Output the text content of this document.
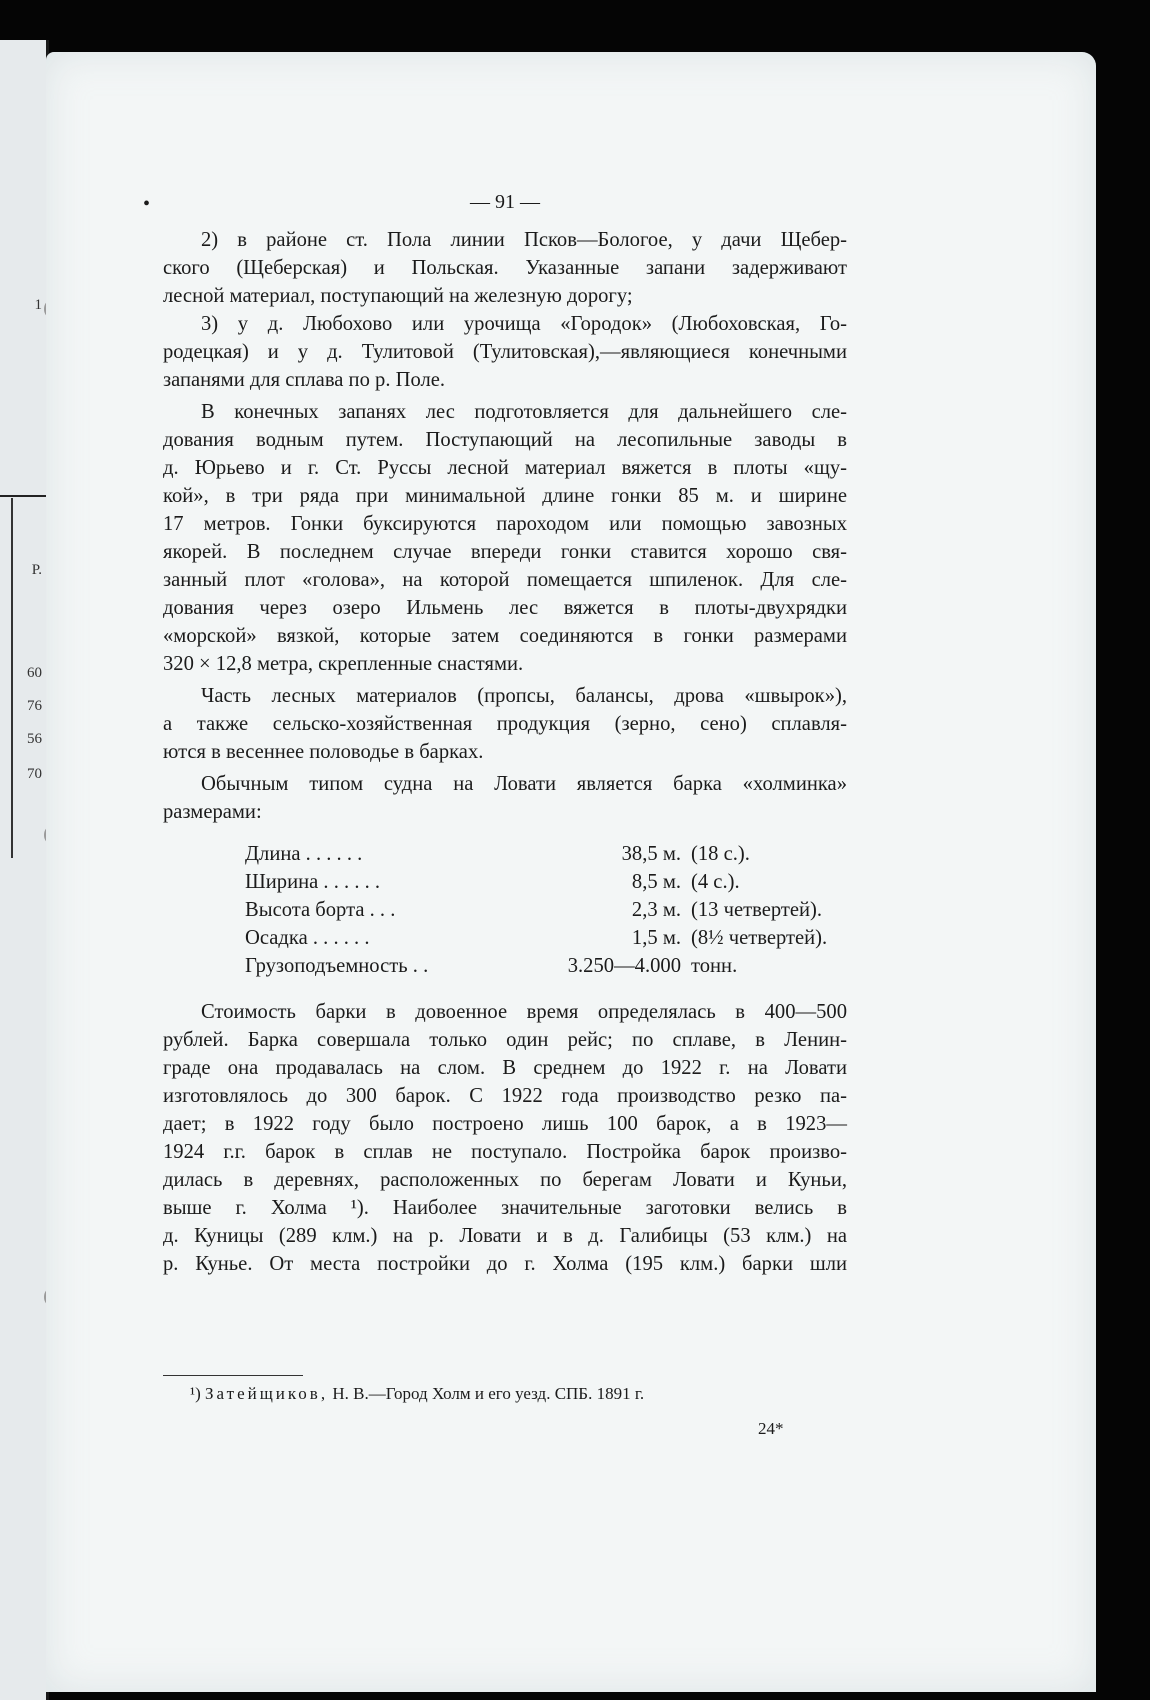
1
Р.
60
76
56
70
•	— 91 —
2) в районе ст. Пола линии Псков—Бологое, у дачи Щебер-
ского (Щеберская) и Польская. Указанные запани задерживают
лесной материал, поступающий на железную дорогу;
3) у д. Любохово или урочища «Городок» (Любоховская, Го-
родецкая) и у д. Тулитовой (Тулитовская),—являющиеся конечными
запанями для сплава по р. Поле.
В конечных запанях лес подготовляется для дальнейшего сле-
дования водным путем. Поступающий на лесопильные заводы в
д. Юрьево и г. Ст. Руссы лесной материал вяжется в плоты «щу-
кой», в три ряда при минимальной длине гонки 85 м. и ширине
17 метров. Гонки буксируются пароходом или помощью завозных
якорей. В последнем случае впереди гонки ставится хорошо свя-
занный плот «голова», на которой помещается шпиленок. Для сле-
дования через озеро Ильмень лес вяжется в плоты-двухрядки
«морской» вязкой, которые затем соединяются в гонки размерами
320 × 12,8 метра, скрепленные снастями.
Часть лесных материалов (пропсы, балансы, дрова «швырок»),
а также сельско-хозяйственная продукция (зерно, сено) сплавля-
ются в весеннее половодье в барках.
Обычным типом судна на Ловати является барка «холминка»
размерами:
Длина . . . . . .	38,5 м. (18 с.).
Ширина . . . . . .	8,5 м. (4 с.).
Высота борта . . .	2,3 м. (13 четвертей).
Осадка . . . . . .	1,5 м. (8½ четвертей).
Грузоподъемность . .	3.250—4.000 тонн.
Стоимость барки в довоенное время определялась в 400—500
рублей. Барка совершала только один рейс; по сплаве, в Ленин-
граде она продавалась на слом. В среднем до 1922 г. на Ловати
изготовлялось до 300 барок. С 1922 года производство резко па-
дает; в 1922 году было построено лишь 100 барок, а в 1923—
1924 г.г. барок в сплав не поступало. Постройка барок произво-
дилась в деревнях, расположенных по берегам Ловати и Куньи,
выше г. Холма ¹). Наиболее значительные заготовки велись в
д. Куницы (289 клм.) на р. Ловати и в д. Галибицы (53 клм.) на
р. Куньe. От места постройки до г. Холма (195 клм.) барки шли
¹) Затейщиков, Н. В.—Город Холм и его уезд. СПБ. 1891 г.
24*
